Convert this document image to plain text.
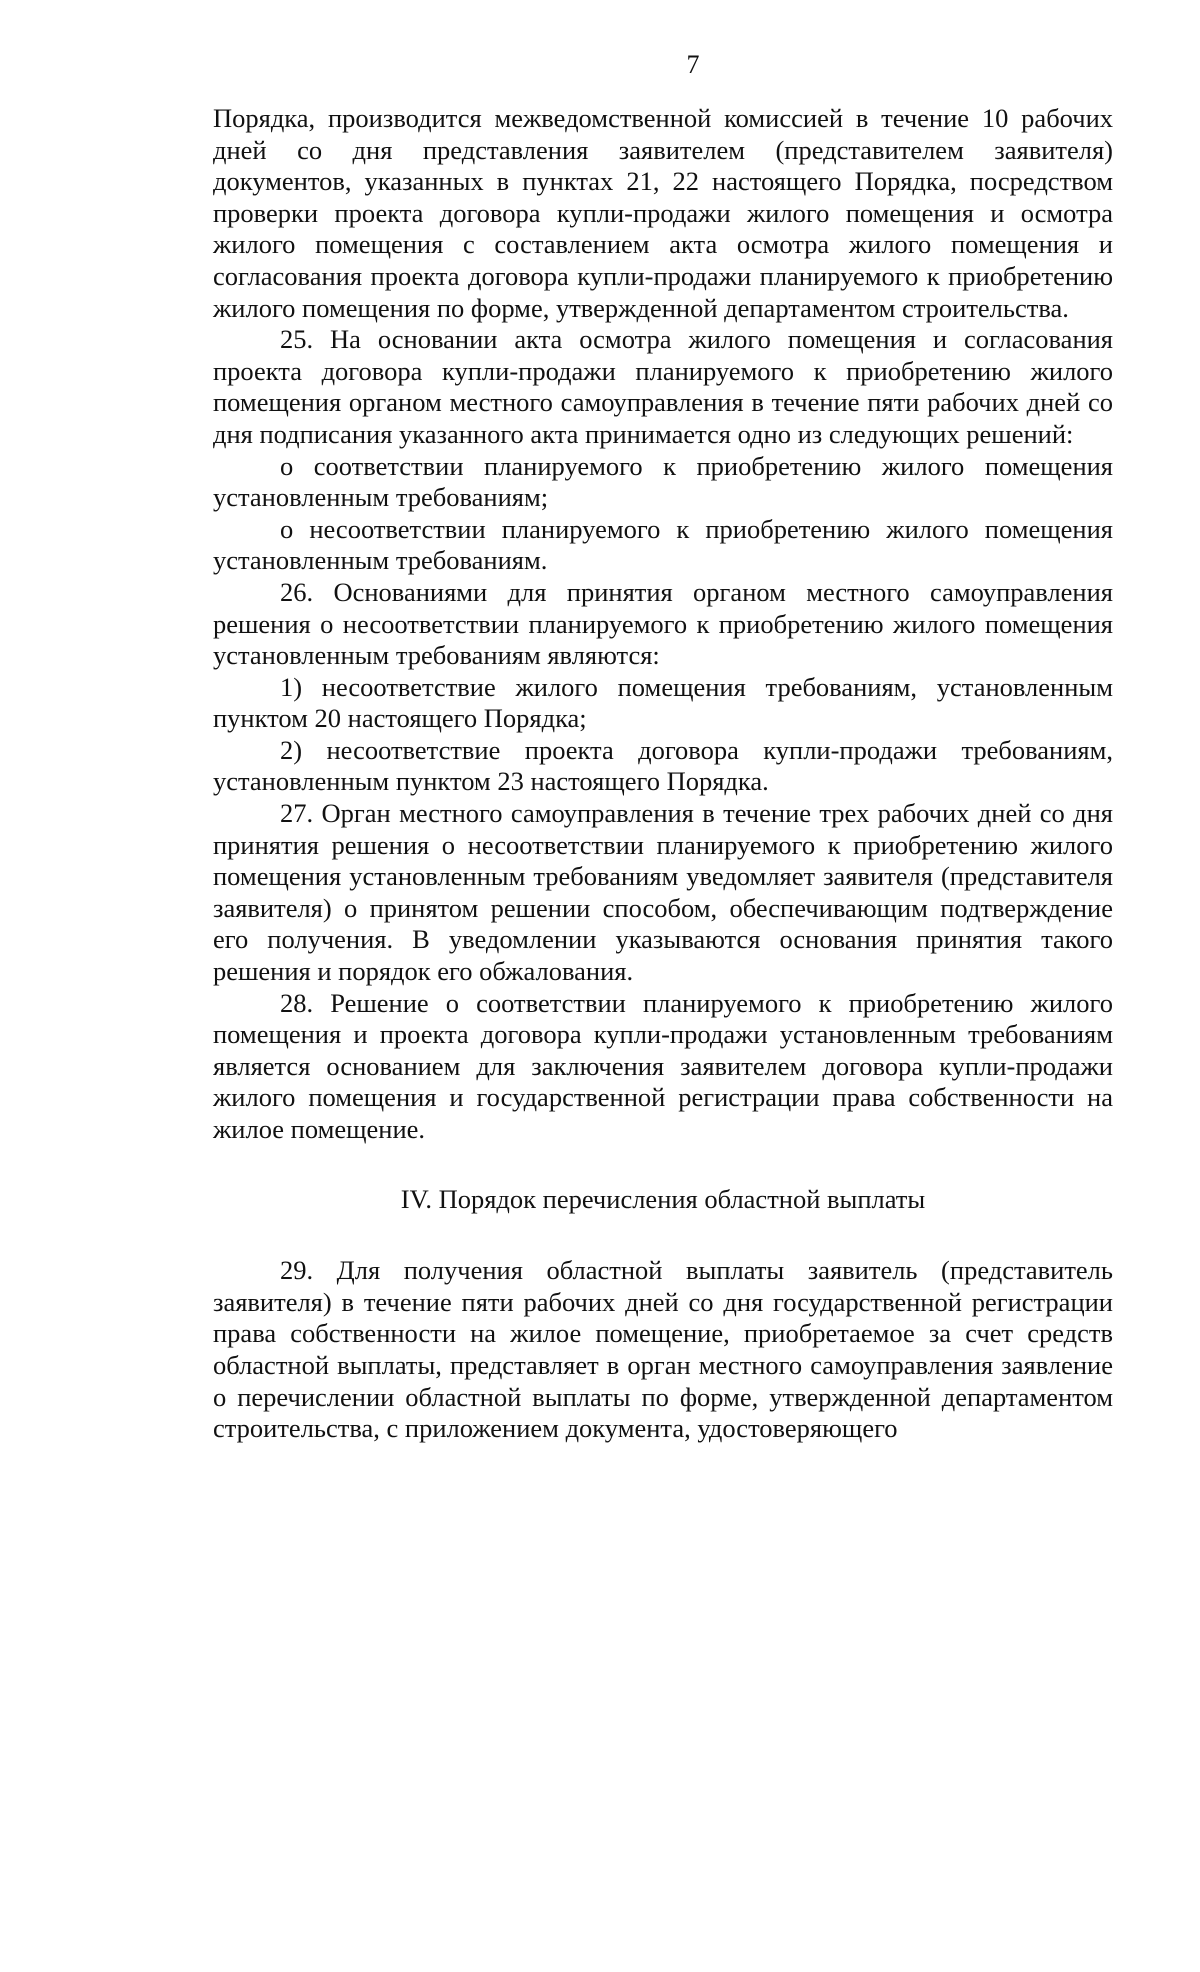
7

Порядка, производится межведомственной комиссией в течение 10 рабочих дней со дня представления заявителем (представителем заявителя) документов, указанных в пунктах 21, 22 настоящего Порядка, посредством проверки проекта договора купли-продажи жилого помещения и осмотра жилого помещения с составлением акта осмотра жилого помещения и согласования проекта договора купли-продажи планируемого к приобретению жилого помещения по форме, утвержденной департаментом строительства.

25. На основании акта осмотра жилого помещения и согласования проекта договора купли-продажи планируемого к приобретению жилого помещения органом местного самоуправления в течение пяти рабочих дней со дня подписания указанного акта принимается одно из следующих решений:

о соответствии планируемого к приобретению жилого помещения установленным требованиям;

о несоответствии планируемого к приобретению жилого помещения установленным требованиям.

26. Основаниями для принятия органом местного самоуправления решения о несоответствии планируемого к приобретению жилого помещения установленным требованиям являются:

1) несоответствие жилого помещения требованиям, установленным пунктом 20 настоящего Порядка;

2) несоответствие проекта договора купли-продажи требованиям, установленным пунктом 23 настоящего Порядка.

27. Орган местного самоуправления в течение трех рабочих дней со дня принятия решения о несоответствии планируемого к приобретению жилого помещения установленным требованиям уведомляет заявителя (представителя заявителя) о принятом решении способом, обеспечивающим подтверждение его получения. В уведомлении указываются основания принятия такого решения и порядок его обжалования.

28. Решение о соответствии планируемого к приобретению жилого помещения и проекта договора купли-продажи установленным требованиям является основанием для заключения заявителем договора купли-продажи жилого помещения и государственной регистрации права собственности на жилое помещение.

IV. Порядок перечисления областной выплаты

29. Для получения областной выплаты заявитель (представитель заявителя) в течение пяти рабочих дней со дня государственной регистрации права собственности на жилое помещение, приобретаемое за счет средств областной выплаты, представляет в орган местного самоуправления заявление о перечислении областной выплаты по форме, утвержденной департаментом строительства, с приложением документа, удостоверяющего
